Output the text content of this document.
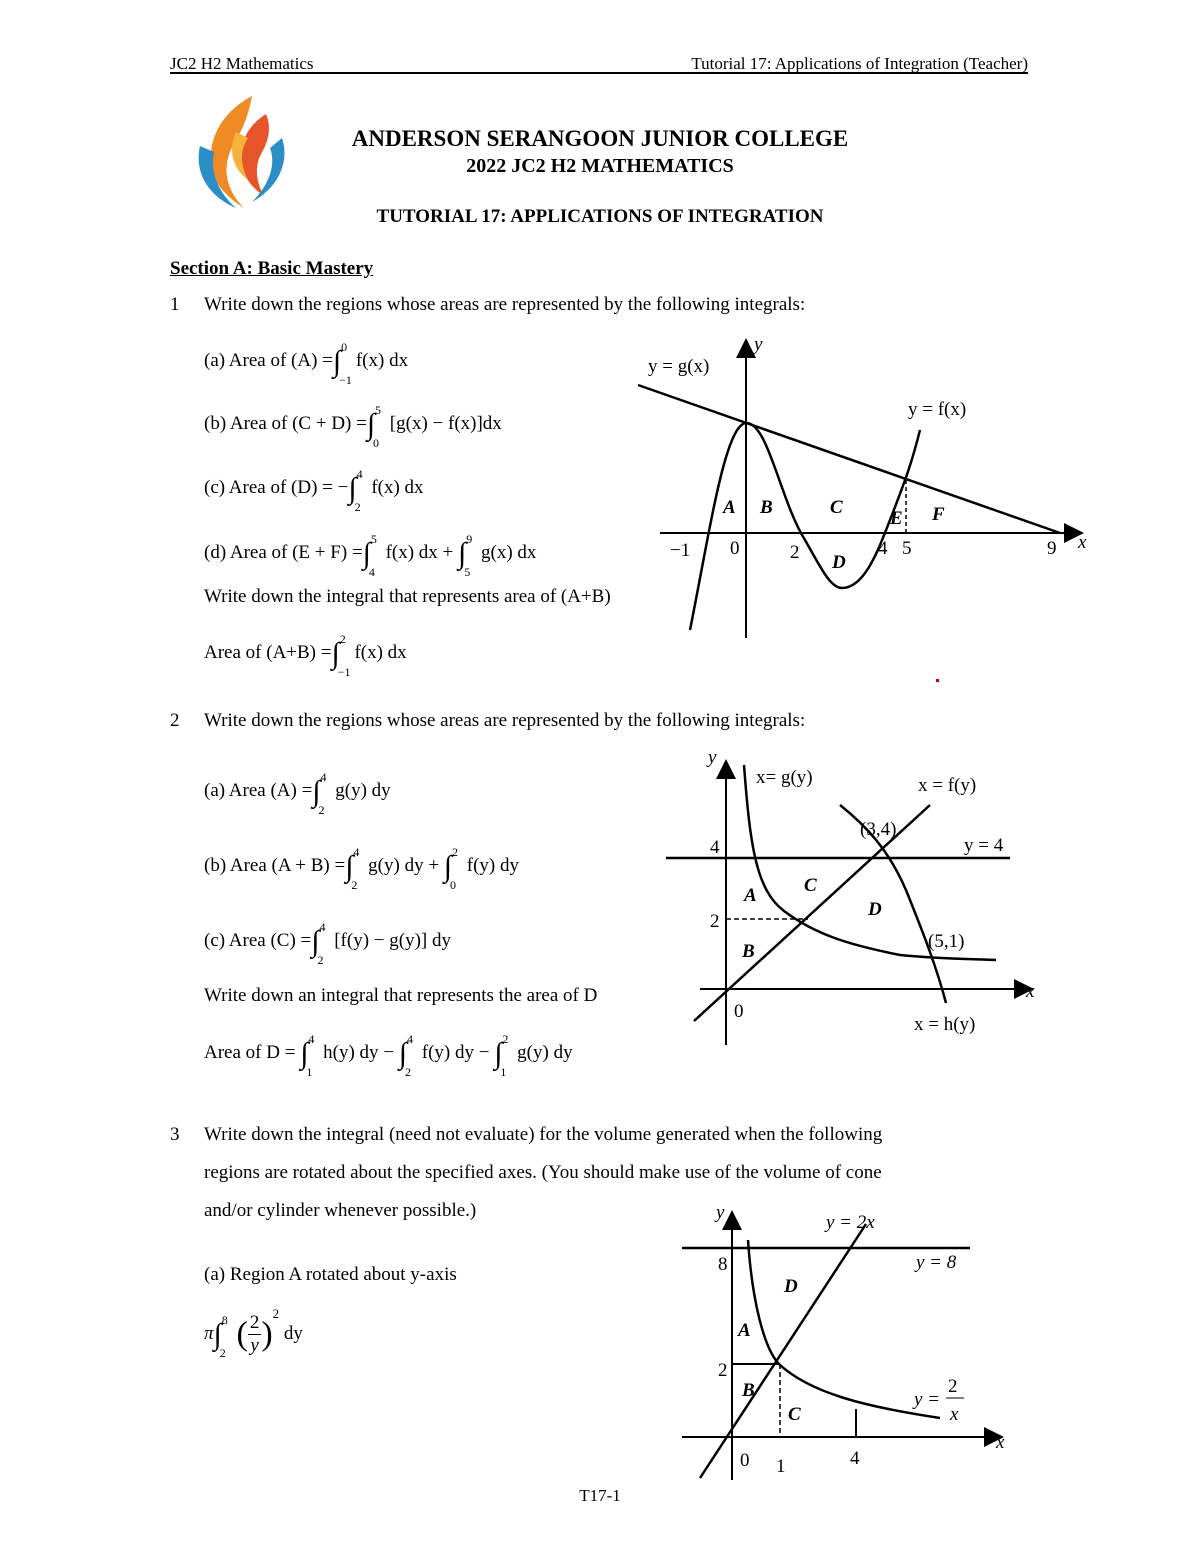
JC2 H2 Mathematics	Tutorial 17: Applications of Integration (Teacher)
ANDERSON SERANGOON JUNIOR COLLEGE
2022 JC2 H2 MATHEMATICS
TUTORIAL 17: APPLICATIONS OF INTEGRATION
Section A: Basic Mastery
1 Write down the regions whose areas are represented by the following integrals:
(a) Area of (A) =∫ 0
−1
f(x) dx
(b) Area of (C + D) =∫ 5
0
[g(x) − f(x)]dx
(c) Area of (D) = −∫ 4
2
f(x) dx
(d) Area of (E + F) =∫ 5
4
f(x) dx + ∫ 9
5
g(x) dx
Write down the integral that represents area of (A+B)
Area of (A+B) =∫ 2
−1
f(x) dx
y = g(x)
y = f(x)
y
x
A B	C
D
E F
−1 0	2	4 5	9
2 Write down the regions whose areas are represented by the following integrals:
(a) Area (A) =∫ 4
2
g(y) dy
(b) Area (A + B) =∫ 4
2
g(y) dy + ∫ 2
0
f(y) dy
(c) Area (C) =∫ 4
2
[f(y) − g(y)] dy
Write down an integral that represents the area of D
Area of D = ∫ 4
1
h(y) dy − ∫ 4
2
f(y) dy − ∫ 2
1
g(y) dy
y
x
x= g(y)	x = f(y)
y = 4
(3,4)
(5,1)
x = h(y)
A
B
C
D
4
2
0
3 Write down the integral (need not evaluate) for the volume generated when the following
regions are rotated about the specified axes. (You should make use of the volume of cone
and/or cylinder whenever possible.)
(a) Region A rotated about y-axis
π∫ 8
2 ( $\frac{2}{y} )^2$ dy
y
x
y = 2x
y = 8
y =
2
x
D
A
B
C
8
2
0 1	4
T17-1
